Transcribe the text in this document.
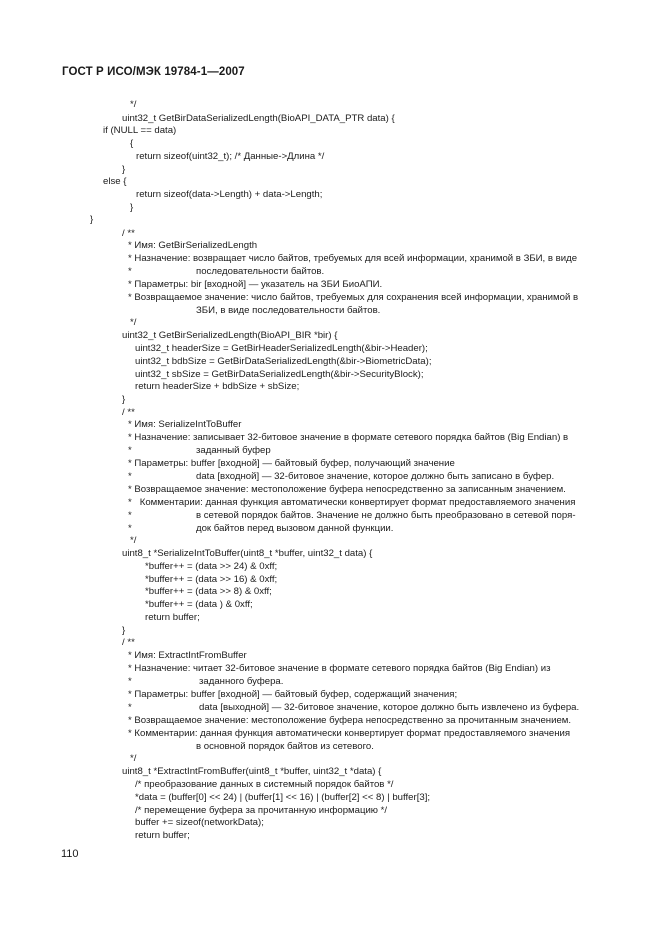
ГОСТ Р ИСО/МЭК 19784-1—2007
*/
uint32_t GetBirDataSerializedLength(BioAPI_DATA_PTR data) {
if (NULL == data)
{
return sizeof(uint32_t); /* Данные->Длина */
}
else {
return sizeof(data->Length) + data->Length;
}
}
/ **
* Имя: GetBirSerializedLength
* Назначение: возвращает число байтов, требуемых для всей информации, хранимой в ЗБИ, в виде
*	последовательности байтов.
* Параметры: bir [входной] — указатель на ЗБИ БиоАПИ.
* Возвращаемое значение: число байтов, требуемых для сохранения всей информации, хранимой в
ЗБИ, в виде последовательности байтов.
*/
uint32_t GetBirSerializedLength(BioAPI_BIR *bir) {
uint32_t headerSize = GetBirHeaderSerializedLength(&bir->Header);
uint32_t bdbSize = GetBirDataSerializedLength(&bir->BiometricData);
uint32_t sbSize = GetBirDataSerializedLength(&bir->SecurityBlock);
return headerSize + bdbSize + sbSize;
}
/ **
* Имя: SerializeIntToBuffer
* Назначение: записывает 32-битовое значение в формате сетевого порядка байтов (Big Endian) в
*	заданный буфер
* Параметры: buffer [входной] — байтовый буфер, получающий значение
*	data [входной] — 32-битовое значение, которое должно быть записано в буфер.
* Возвращаемое значение: местоположение буфера непосредственно за записанным значением.
*   Комментарии: данная функция автоматически конвертирует формат предоставляемого значения
*	в сетевой порядок байтов. Значение не должно быть преобразовано в сетевой поря-
*	док байтов перед вызовом данной функции.
*/
uint8_t *SerializeIntToBuffer(uint8_t *buffer, uint32_t data) {
*buffer++ = (data >> 24) & 0xff;
*buffer++ = (data >> 16) & 0xff;
*buffer++ = (data >> 8) & 0xff;
*buffer++ = (data ) & 0xff;
return buffer;
}
/ **
* Имя: ExtractIntFromBuffer
* Назначение: читает 32-битовое значение в формате сетевого порядка байтов (Big Endian) из
*	заданного буфера.
* Параметры: buffer [входной] — байтовый буфер, содержащий значения;
*	data [выходной] — 32-битовое значение, которое должно быть извлечено из буфера.
* Возвращаемое значение: местоположение буфера непосредственно за прочитанным значением.
* Комментарии: данная функция автоматически конвертирует формат предоставляемого значения
в основной порядок байтов из сетевого.
*/
uint8_t *ExtractIntFromBuffer(uint8_t *buffer, uint32_t *data) {
/* преобразование данных в системный порядок байтов */
*data = (buffer[0] << 24) | (buffer[1] << 16) | (buffer[2] << 8) | buffer[3];
/* перемещение буфера за прочитанную информацию */
buffer += sizeof(networkData);
return buffer;
110
